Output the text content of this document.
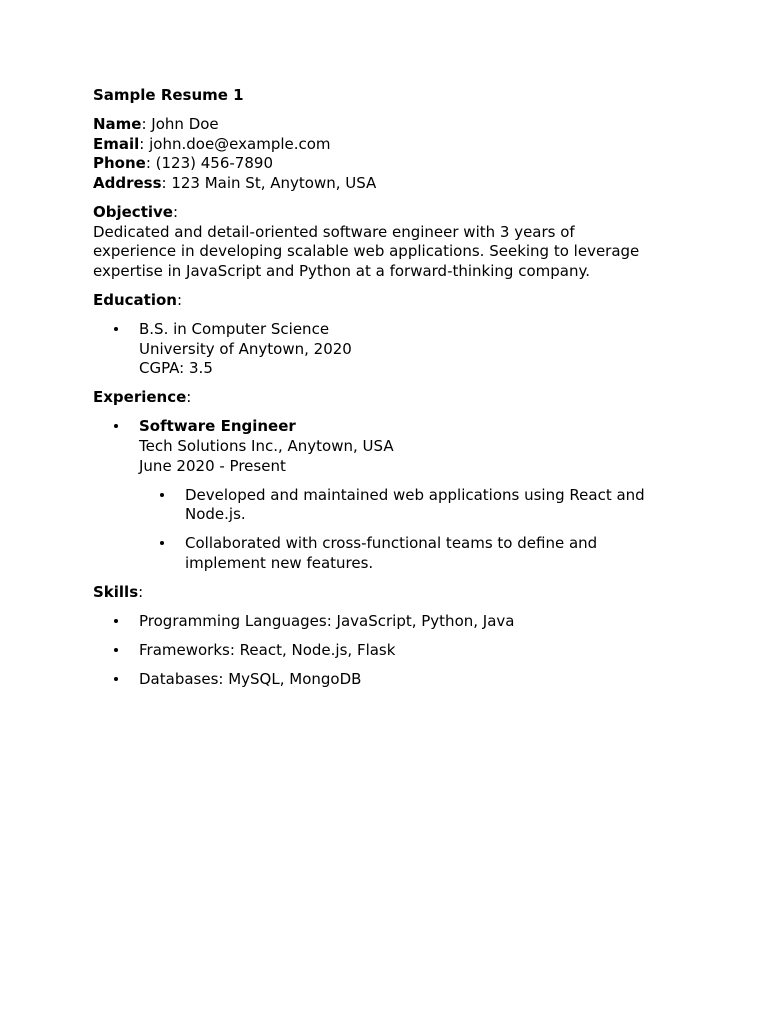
Sample Resume 1
Name: John Doe
Email: john.doe@example.com
Phone: (123) 456-7890
Address: 123 Main St, Anytown, USA
Objective:
Dedicated and detail-oriented software engineer with 3 years of
experience in developing scalable web applications. Seeking to leverage
expertise in JavaScript and Python at a forward-thinking company.
Education:
B.S. in Computer Science
University of Anytown, 2020
CGPA: 3.5
Experience:
Software Engineer
Tech Solutions Inc., Anytown, USA
June 2020 - Present
Developed and maintained web applications using React and
Node.js.
Collaborated with cross-functional teams to define and
implement new features.
Skills:
Programming Languages: JavaScript, Python, Java
Frameworks: React, Node.js, Flask
Databases: MySQL, MongoDB
